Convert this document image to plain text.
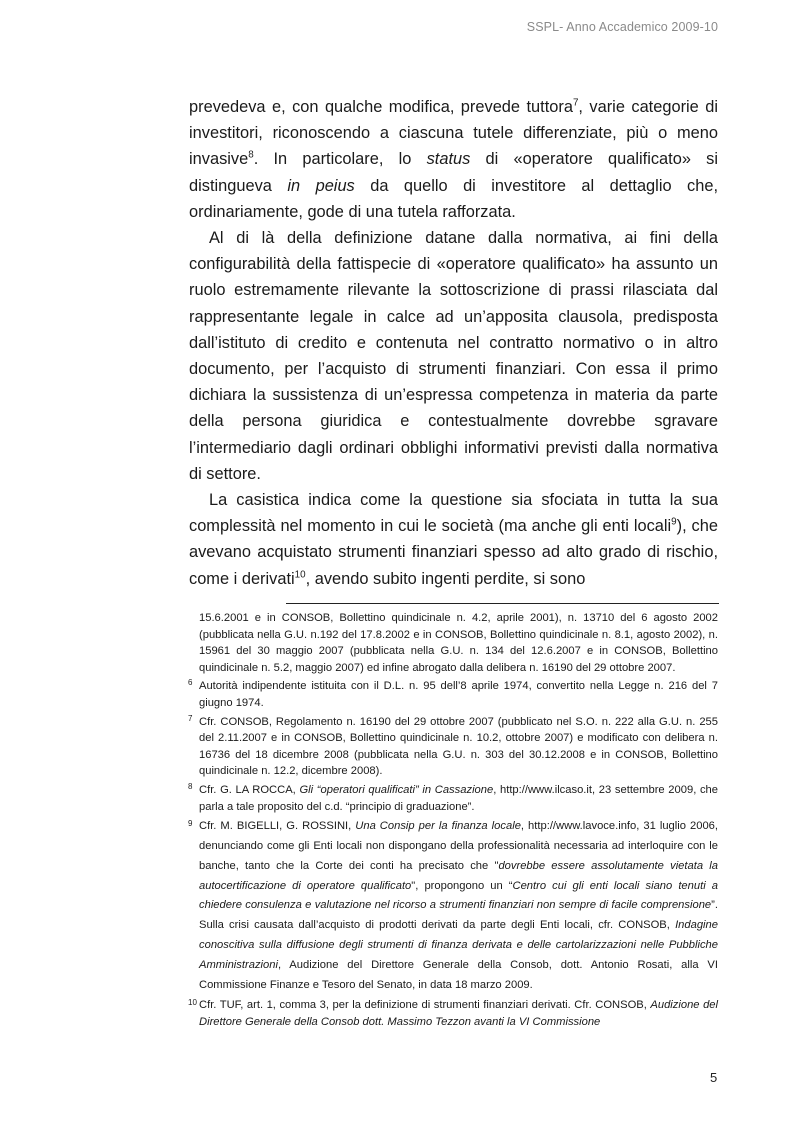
SSPL- Anno Accademico 2009-10

prevedeva e, con qualche modifica, prevede tuttora$^7$, varie categorie di investitori, riconoscendo a ciascuna tutele differenziate, più o meno invasive$^8$. In particolare, lo status di «operatore qualificato» si distingueva in peius da quello di investitore al dettaglio che, ordinariamente, gode di una tutela rafforzata.

Al di là della definizione datane dalla normativa, ai fini della configurabilità della fattispecie di «operatore qualificato» ha assunto un ruolo estremamente rilevante la sottoscrizione di prassi rilasciata dal rappresentante legale in calce ad un’apposita clausola, predisposta dall’istituto di credito e contenuta nel contratto normativo o in altro documento, per l’acquisto di strumenti finanziari. Con essa il primo dichiara la sussistenza di un’espressa competenza in materia da parte della persona giuridica e contestualmente dovrebbe sgravare l’intermediario dagli ordinari obblighi informativi previsti dalla normativa di settore.

La casistica indica come la questione sia sfociata in tutta la sua complessità nel momento in cui le società (ma anche gli enti locali$^9$), che avevano acquistato strumenti finanziari spesso ad alto grado di rischio, come i derivati$^{10}$, avendo subito ingenti perdite, si sono

15.6.2001 e in CONSOB, Bollettino quindicinale n. 4.2, aprile 2001), n. 13710 del 6 agosto 2002 (pubblicata nella G.U. n.192 del 17.8.2002 e in CONSOB, Bollettino quindicinale n. 8.1, agosto 2002), n. 15961 del 30 maggio 2007 (pubblicata nella G.U. n. 134 del 12.6.2007 e in CONSOB, Bollettino quindicinale n. 5.2, maggio 2007) ed infine abrogato dalla delibera n. 16190 del 29 ottobre 2007.

6 Autorità indipendente istituita con il D.L. n. 95 dell’8 aprile 1974, convertito nella Legge n. 216 del 7 giugno 1974.

7 Cfr. CONSOB, Regolamento n. 16190 del 29 ottobre 2007 (pubblicato nel S.O. n. 222 alla G.U. n. 255 del 2.11.2007 e in CONSOB, Bollettino quindicinale n. 10.2, ottobre 2007) e modificato con delibera n. 16736 del 18 dicembre 2008 (pubblicata nella G.U. n. 303 del 30.12.2008 e in CONSOB, Bollettino quindicinale n. 12.2, dicembre 2008).

8 Cfr. G. LA ROCCA, Gli “operatori qualificati” in Cassazione, http://www.ilcaso.it, 23 settembre 2009, che parla a tale proposito del c.d. “principio di graduazione”.

9 Cfr. M. BIGELLI, G. ROSSINI, Una Consip per la finanza locale, http://www.lavoce.info, 31 luglio 2006, denunciando come gli Enti locali non dispongano della professionalità necessaria ad interloquire con le banche, tanto che la Corte dei conti ha precisato che "dovrebbe essere assolutamente vietata la autocertificazione di operatore qualificato", propongono un “Centro cui gli enti locali siano tenuti a chiedere consulenza e valutazione nel ricorso a strumenti finanziari non sempre di facile comprensione”. Sulla crisi causata dall’acquisto di prodotti derivati da parte degli Enti locali, cfr. CONSOB, Indagine conoscitiva sulla diffusione degli strumenti di finanza derivata e delle cartolarizzazioni nelle Pubbliche Amministrazioni, Audizione del Direttore Generale della Consob, dott. Antonio Rosati, alla VI Commissione Finanze e Tesoro del Senato, in data 18 marzo 2009.

10 Cfr. TUF, art. 1, comma 3, per la definizione di strumenti finanziari derivati. Cfr. CONSOB, Audizione del Direttore Generale della Consob dott. Massimo Tezzon avanti la VI Commissione

5
